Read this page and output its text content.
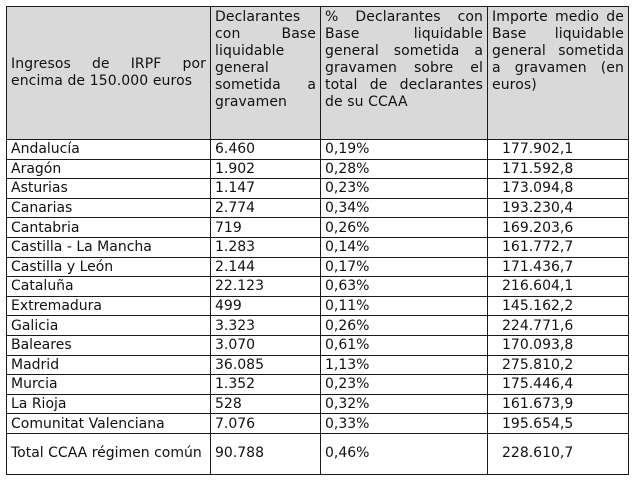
Ingresos de IRPF por encima de 150.000 euros	Declarantes con Base liquidable general sometida a gravamen	% Declarantes con Base liquidable general sometida a gravamen sobre el total de declarantes de su CCAA	Importe medio de Base liquidable general sometida a gravamen (en euros)
Andalucía	6.460	0,19%	177.902,1
Aragón	1.902	0,28%	171.592,8
Asturias	1.147	0,23%	173.094,8
Canarias	2.774	0,34%	193.230,4
Cantabria	719	0,26%	169.203,6
Castilla - La Mancha	1.283	0,14%	161.772,7
Castilla y León	2.144	0,17%	171.436,7
Cataluña	22.123	0,63%	216.604,1
Extremadura	499	0,11%	145.162,2
Galicia	3.323	0,26%	224.771,6
Baleares	3.070	0,61%	170.093,8
Madrid	36.085	1,13%	275.810,2
Murcia	1.352	0,23%	175.446,4
La Rioja	528	0,32%	161.673,9
Comunitat Valenciana	7.076	0,33%	195.654,5
Total CCAA régimen común	90.788	0,46%	228.610,7
